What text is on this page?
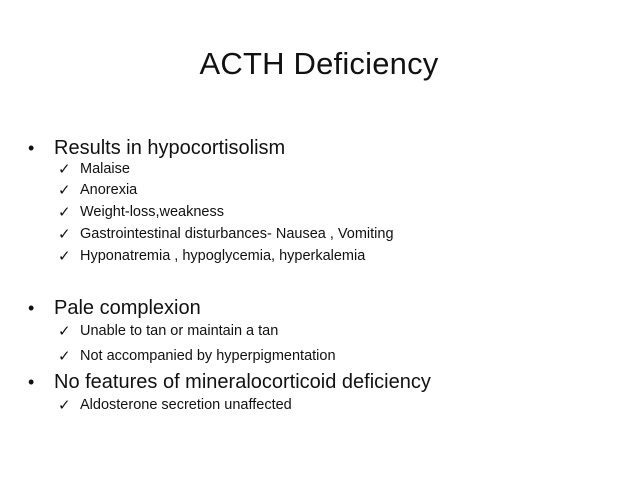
ACTH Deficiency
• Results in hypocortisolism
✓ Malaise
✓ Anorexia
✓ Weight-loss,weakness
✓ Gastrointestinal disturbances- Nausea , Vomiting
✓ Hyponatremia , hypoglycemia, hyperkalemia
• Pale complexion
✓ Unable to tan or maintain a tan
✓ Not accompanied by hyperpigmentation
• No features of mineralocorticoid deficiency
✓ Aldosterone secretion unaffected
